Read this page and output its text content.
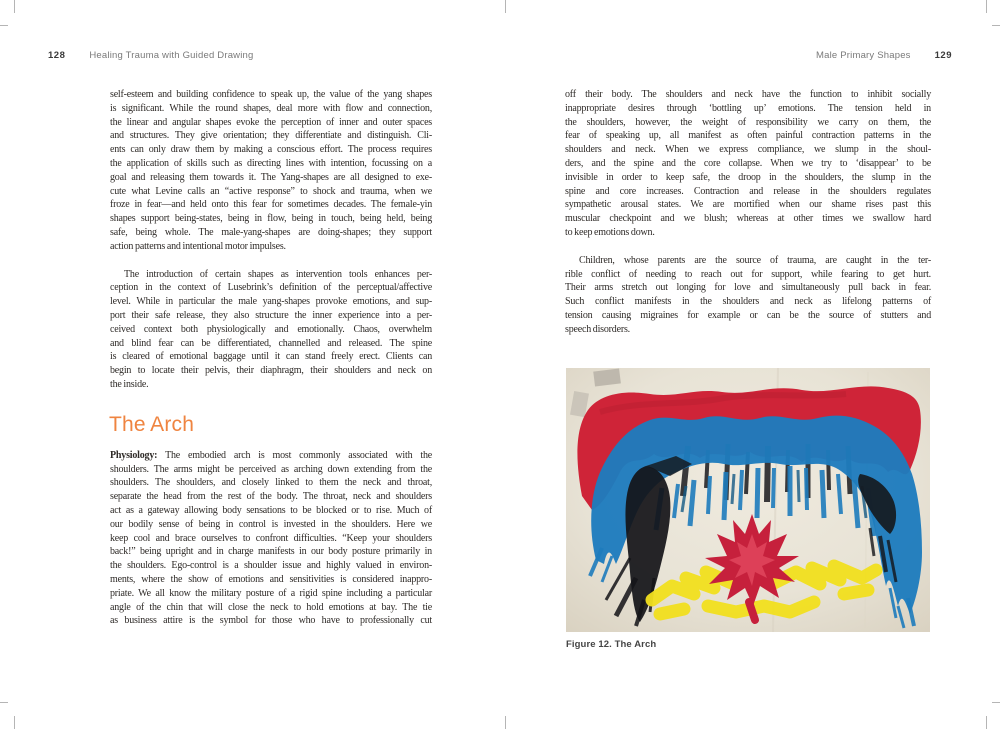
128	Healing Trauma with Guided Drawing	Male Primary Shapes	129
self-esteem and building confidence to speak up, the value of the yang shapes
is significant. While the round shapes, deal more with flow and connection,
the linear and angular shapes evoke the perception of inner and outer spaces
and structures. They give orientation; they differentiate and distinguish. Cli-
ents can only draw them by making a conscious effort. The process requires
the application of skills such as directing lines with intention, focussing on a
goal and releasing them towards it. The Yang-shapes are all designed to exe-
cute what Levine calls an “active response” to shock and trauma, when we
froze in fear—and held onto this fear for sometimes decades. The female-yin
shapes support being-states, being in flow, being in touch, being held, being
safe, being whole. The male-yang-shapes are doing-shapes; they support
action patterns and intentional motor impulses.
The introduction of certain shapes as intervention tools enhances per-
ception in the context of Lusebrink’s definition of the perceptual/affective
level. While in particular the male yang-shapes provoke emotions, and sup-
port their safe release, they also structure the inner experience into a per-
ceived context both physiologically and emotionally. Chaos, overwhelm
and blind fear can be differentiated, channelled and released. The spine
is cleared of emotional baggage until it can stand freely erect. Clients can
begin to locate their pelvis, their diaphragm, their shoulders and neck on
the inside.
The Arch
Physiology: The embodied arch is most commonly associated with the
shoulders. The arms might be perceived as arching down extending from the
shoulders. The shoulders, and closely linked to them the neck and throat,
separate the head from the rest of the body. The throat, neck and shoulders
act as a gateway allowing body sensations to be blocked or to rise. Much of
our bodily sense of being in control is invested in the shoulders. Here we
keep cool and brace ourselves to confront difficulties. “Keep your shoulders
back!” being upright and in charge manifests in our body posture primarily in
the shoulders. Ego-control is a shoulder issue and highly valued in environ-
ments, where the show of emotions and sensitivities is considered inappro-
priate. We all know the military posture of a rigid spine including a particular
angle of the chin that will close the neck to hold emotions at bay. The tie
as business attire is the symbol for those who have to professionally cut
off their body. The shoulders and neck have the function to inhibit socially
inappropriate desires through ‘bottling up’ emotions. The tension held in
the shoulders, however, the weight of responsibility we carry on them, the
fear of speaking up, all manifest as often painful contraction patterns in the
shoulders and neck. When we express compliance, we slump in the shoul-
ders, and the spine and the core collapse. When we try to ‘disappear’ to be
invisible in order to keep safe, the droop in the shoulders, the slump in the
spine and core increases. Contraction and release in the shoulders regulates
sympathetic arousal states. We are mortified when our shame rises past this
muscular checkpoint and we blush; whereas at other times we swallow hard
to keep emotions down.
Children, whose parents are the source of trauma, are caught in the ter-
rible conflict of needing to reach out for support, while fearing to get hurt.
Their arms stretch out longing for love and simultaneously pull back in fear.
Such conflict manifests in the shoulders and neck as lifelong patterns of
tension causing migraines for example or can be the source of stutters and
speech disorders.
Figure 12. The Arch
